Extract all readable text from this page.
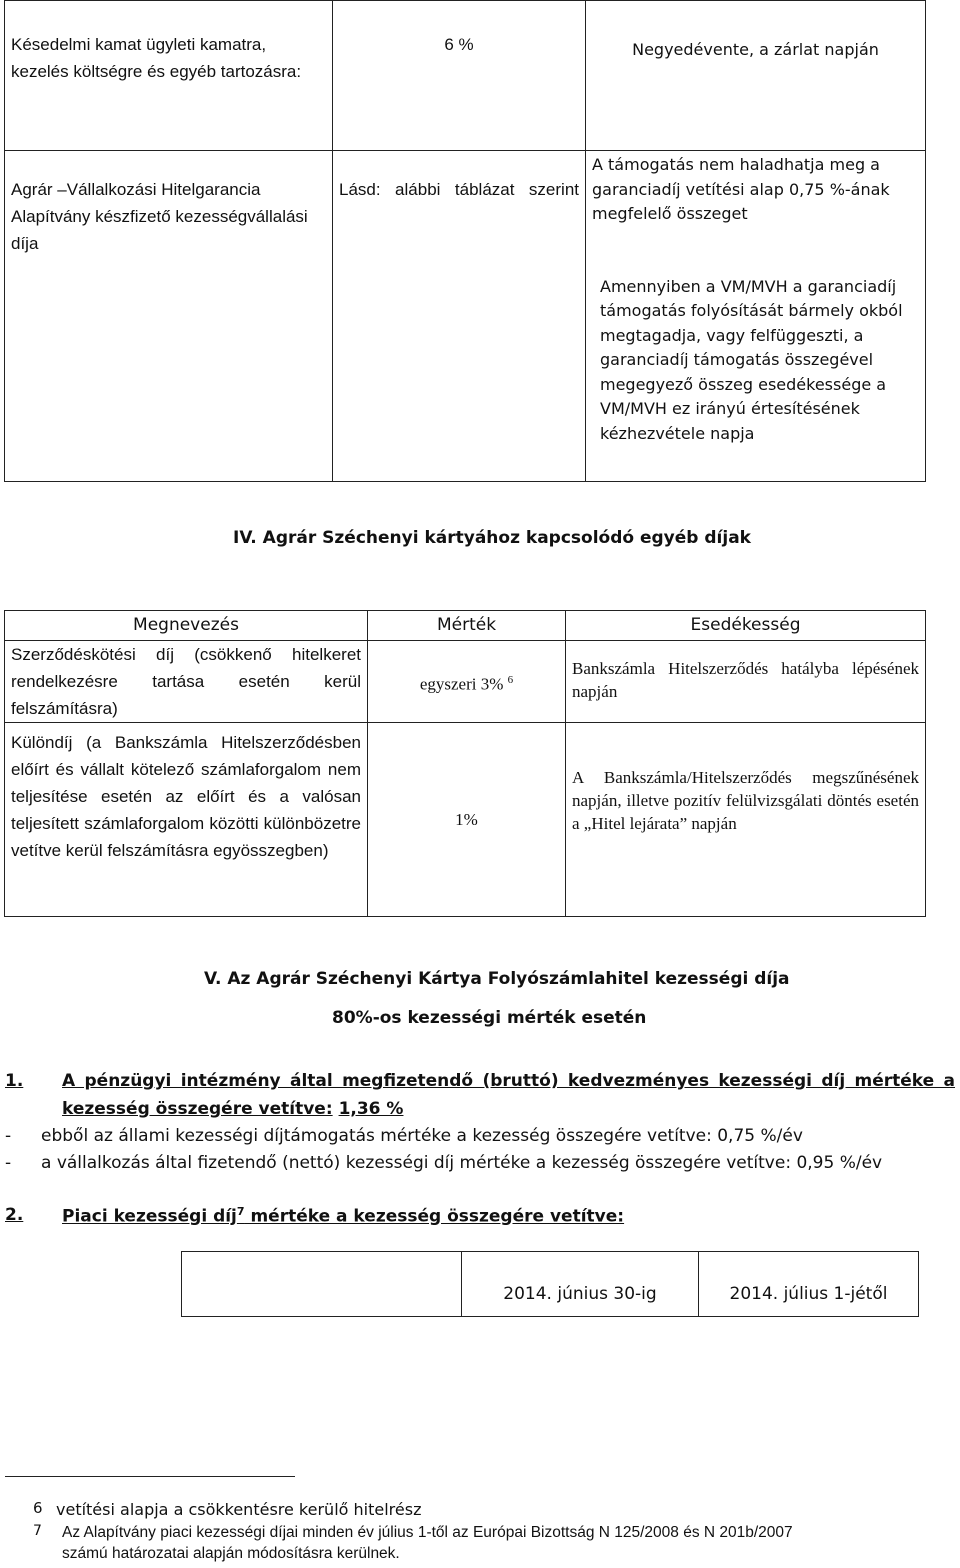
Késedelmi kamat ügyleti kamatra, kezelés költségre és egyéb tartozásra:	6 %	Negyedévente, a zárlat napján
Agrár –Vállalkozási Hitelgarancia Alapítvány készfizető kezességvállalási díja	Lásd: alábbi táblázat szerint	A támogatás nem haladhatja meg a garanciadíj vetítési alap 0,75 %-ának megfelelő összeget
Amennyiben a VM/MVH a garanciadíj támogatás folyósítását bármely okból megtagadja, vagy felfüggeszti, a garanciadíj támogatás összegével megegyező összeg esedékessége a VM/MVH ez irányú értesítésének kézhezvétele napja
IV. Agrár Széchenyi kártyához kapcsolódó egyéb díjak
Megnevezés	Mérték	Esedékesség

Szerződéskötési díj (csökkenő hitelkeret rendelkezésre tartása esetén kerül felszámításra)	egyszeri 3% $^6$	Bankszámla Hitelszerződés hatályba lépésének napján

Különdíj (a Bankszámla Hitelszerződésben előírt és vállalt kötelező számlaforgalom nem teljesítése esetén az előírt és a valósan teljesített számlaforgalom közötti különbözetre vetítve kerül felszámításra egyösszegben)	1%	A Bankszámla/Hitelszerződés megszűnésének napján, illetve pozitív felülvizsgálati döntés esetén a „Hitel lejárata” napján
V. Az Agrár Széchenyi Kártya Folyószámlahitel kezességi díja
80%-os kezességi mérték esetén
1. A pénzügyi intézmény által megfizetendő (bruttó) kedvezményes kezességi díj mértéke a
kezesség összegére vetítve: 1,36 %
- ebből az állami kezességi díjtámogatás mértéke a kezesség összegére vetítve: 0,75 %/év
- a vállalkozás által fizetendő (nettó) kezességi díj mértéke a kezesség összegére vetítve: 0,95 %/év
2. Piaci kezességi díj$^7$ mértéke a kezesség összegére vetítve:
	2014. június 30-ig	2014. július 1-jétől
6 vetítési alapja a csökkentésre kerülő hitelrész
7 Az Alapítvány piaci kezességi díjai minden év július 1-től az Európai Bizottság N 125/2008 és N 201b/2007
számú határozatai alapján módosításra kerülnek.
